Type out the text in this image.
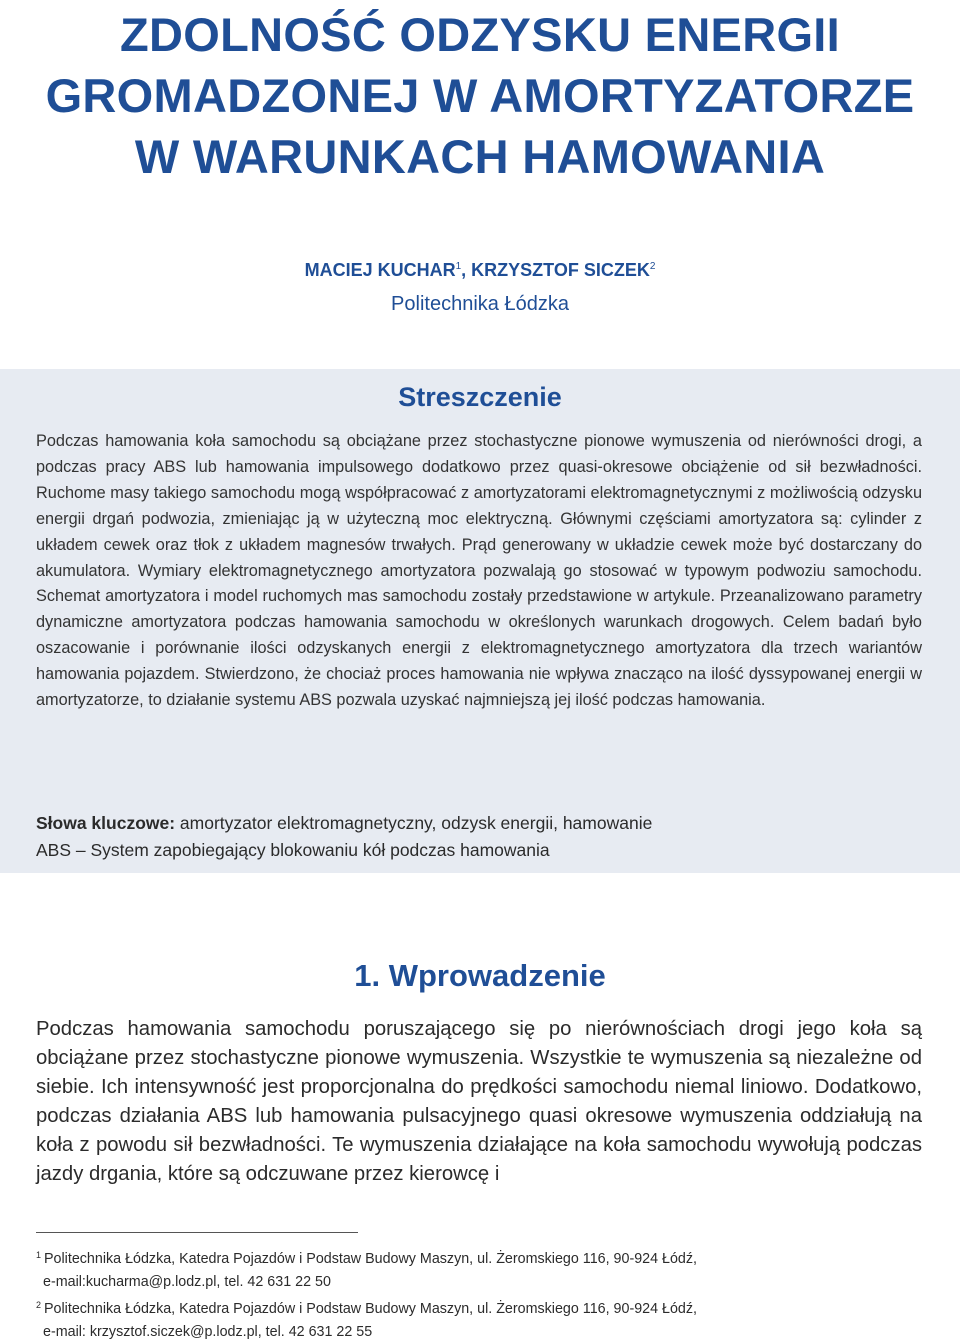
ZDOLNOŚĆ ODZYSKU ENERGII
GROMADZONEJ W AMORTYZATORZE
W WARUNKACH HAMOWANIA
MACIEJ KUCHAR$^1$, KRZYSZTOF SICZEK$^2$
Politechnika Łódzka
Streszczenie

Podczas hamowania koła samochodu są obciążane przez stochastyczne pionowe wymuszenia od nierówności drogi, a podczas pracy ABS lub hamowania impulsowego dodatkowo przez quasi-okresowe obciążenie od sił bezwładności. Ruchome masy takiego samochodu mogą współpracować z amortyzatorami elektromagnetycznymi z możliwością odzysku energii drgań podwozia, zmieniając ją w użyteczną moc elektryczną. Głównymi częściami amortyzatora są: cylinder z układem cewek oraz tłok z układem magnesów trwałych. Prąd generowany w układzie cewek może być dostarczany do akumulatora. Wymiary elektromagnetycznego amortyzatora pozwalają go stosować w typowym podwoziu samochodu. Schemat amortyzatora i model ruchomych mas samochodu zostały przedstawione w artykule. Przeanalizowano parametry dynamiczne amortyzatora podczas hamowania samochodu w określonych warunkach drogowych. Celem badań było oszacowanie i porównanie ilości odzyskanych energii z elektromagnetycznego amortyzatora dla trzech wariantów hamowania pojazdem. Stwierdzono, że chociaż proces hamowania nie wpływa znacząco na ilość dyssypowanej energii w amortyzatorze, to działanie systemu ABS pozwala uzyskać najmniejszą jej ilość podczas hamowania.

Słowa kluczowe: amortyzator elektromagnetyczny, odzysk energii, hamowanie
ABS – System zapobiegający blokowaniu kół podczas hamowania
1. Wprowadzenie

Podczas hamowania samochodu poruszającego się po nierównościach drogi jego koła są obciążane przez stochastyczne pionowe wymuszenia. Wszystkie te wymuszenia są niezależne od siebie. Ich intensywność jest proporcjonalna do prędkości samochodu niemal liniowo. Dodatkowo, podczas działania ABS lub hamowania pulsacyjnego quasi okresowe wymuszenia oddziałują na koła z powodu sił bezwładności. Te wymuszenia działające na koła samochodu wywołują podczas jazdy drgania, które są odczuwane przez kierowcę i

$^1$ Politechnika Łódzka, Katedra Pojazdów i Podstaw Budowy Maszyn, ul. Żeromskiego 116, 90-924 Łódź,
e-mail:kucharma@p.lodz.pl, tel. 42 631 22 50
$^2$ Politechnika Łódzka, Katedra Pojazdów i Podstaw Budowy Maszyn, ul. Żeromskiego 116, 90-924 Łódź,
e-mail: krzysztof.siczek@p.lodz.pl, tel. 42 631 22 55
